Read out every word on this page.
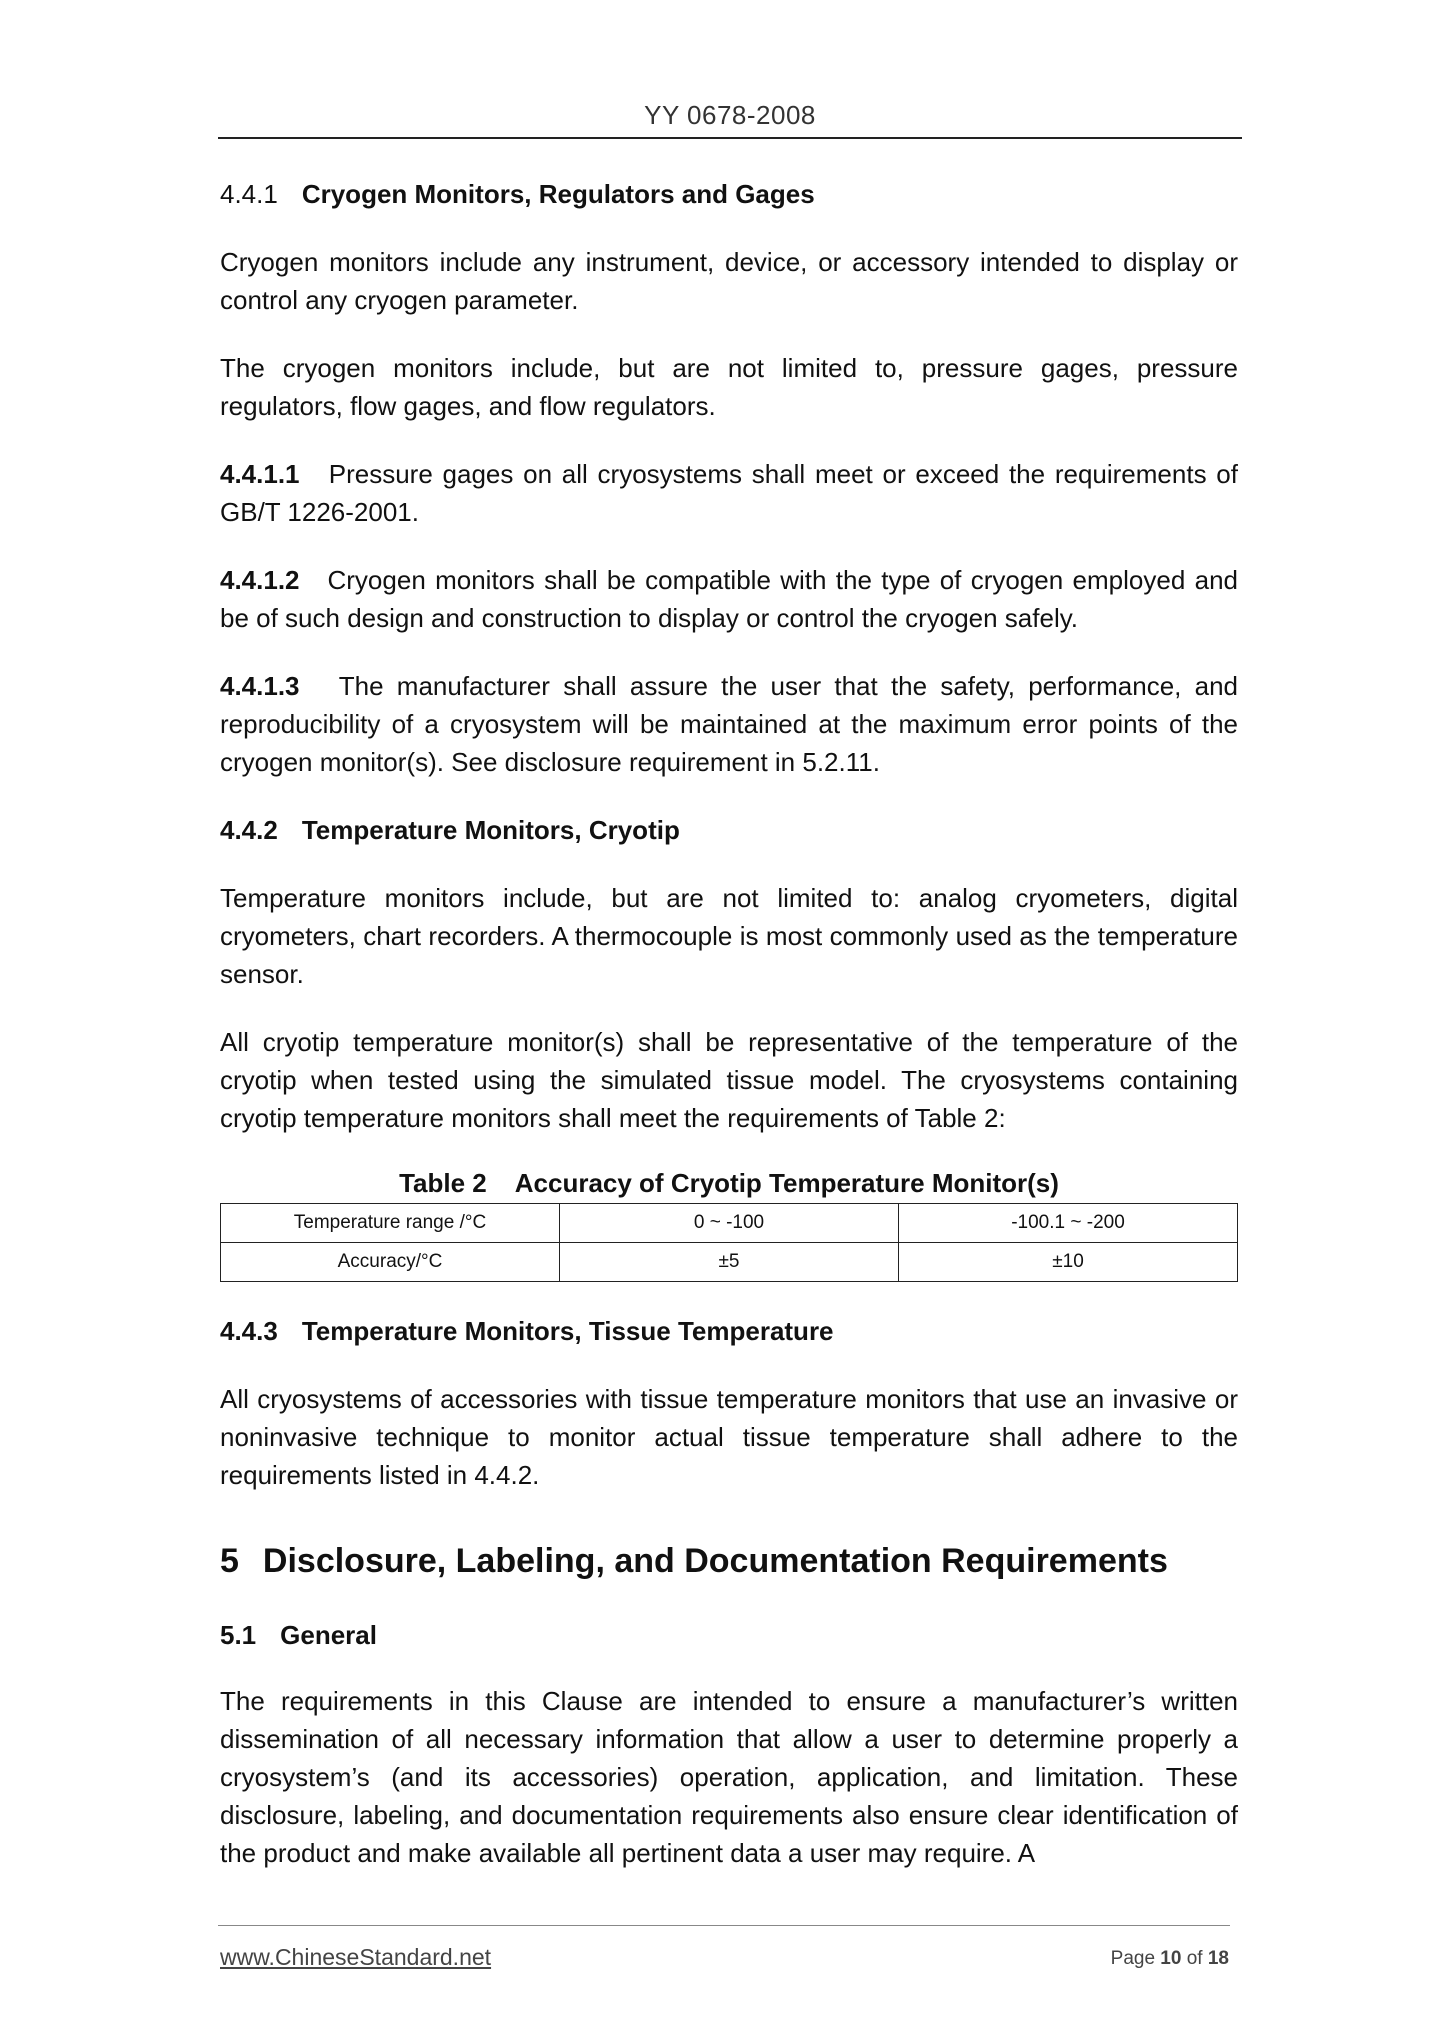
YY 0678-2008
4.4.1 Cryogen Monitors, Regulators and Gages

Cryogen monitors include any instrument, device, or accessory intended to display or control any cryogen parameter.

The cryogen monitors include, but are not limited to, pressure gages, pressure regulators, flow gages, and flow regulators.

4.4.1.1 Pressure gages on all cryosystems shall meet or exceed the requirements of GB/T 1226-2001.

4.4.1.2 Cryogen monitors shall be compatible with the type of cryogen employed and be of such design and construction to display or control the cryogen safely.

4.4.1.3 The manufacturer shall assure the user that the safety, performance, and reproducibility of a cryosystem will be maintained at the maximum error points of the cryogen monitor(s). See disclosure requirement in 5.2.11.

4.4.2 Temperature Monitors, Cryotip

Temperature monitors include, but are not limited to: analog cryometers, digital cryometers, chart recorders. A thermocouple is most commonly used as the temperature sensor.

All cryotip temperature monitor(s) shall be representative of the temperature of the cryotip when tested using the simulated tissue model. The cryosystems containing cryotip temperature monitors shall meet the requirements of Table 2:

Table 2 Accuracy of Cryotip Temperature Monitor(s)
Temperature range /°C	0 ~ -100	-100.1 ~ -200
Accuracy/°C	±5	±10
4.4.3 Temperature Monitors, Tissue Temperature

All cryosystems of accessories with tissue temperature monitors that use an invasive or noninvasive technique to monitor actual tissue temperature shall adhere to the requirements listed in 4.4.2.

5 Disclosure, Labeling, and Documentation Requirements
5.1 General

The requirements in this Clause are intended to ensure a manufacturer’s written dissemination of all necessary information that allow a user to determine properly a cryosystem’s (and its accessories) operation, application, and limitation. These disclosure, labeling, and documentation requirements also ensure clear identification of the product and make available all pertinent data a user may require. A

www.ChineseStandard.net	Page 10 of 18
